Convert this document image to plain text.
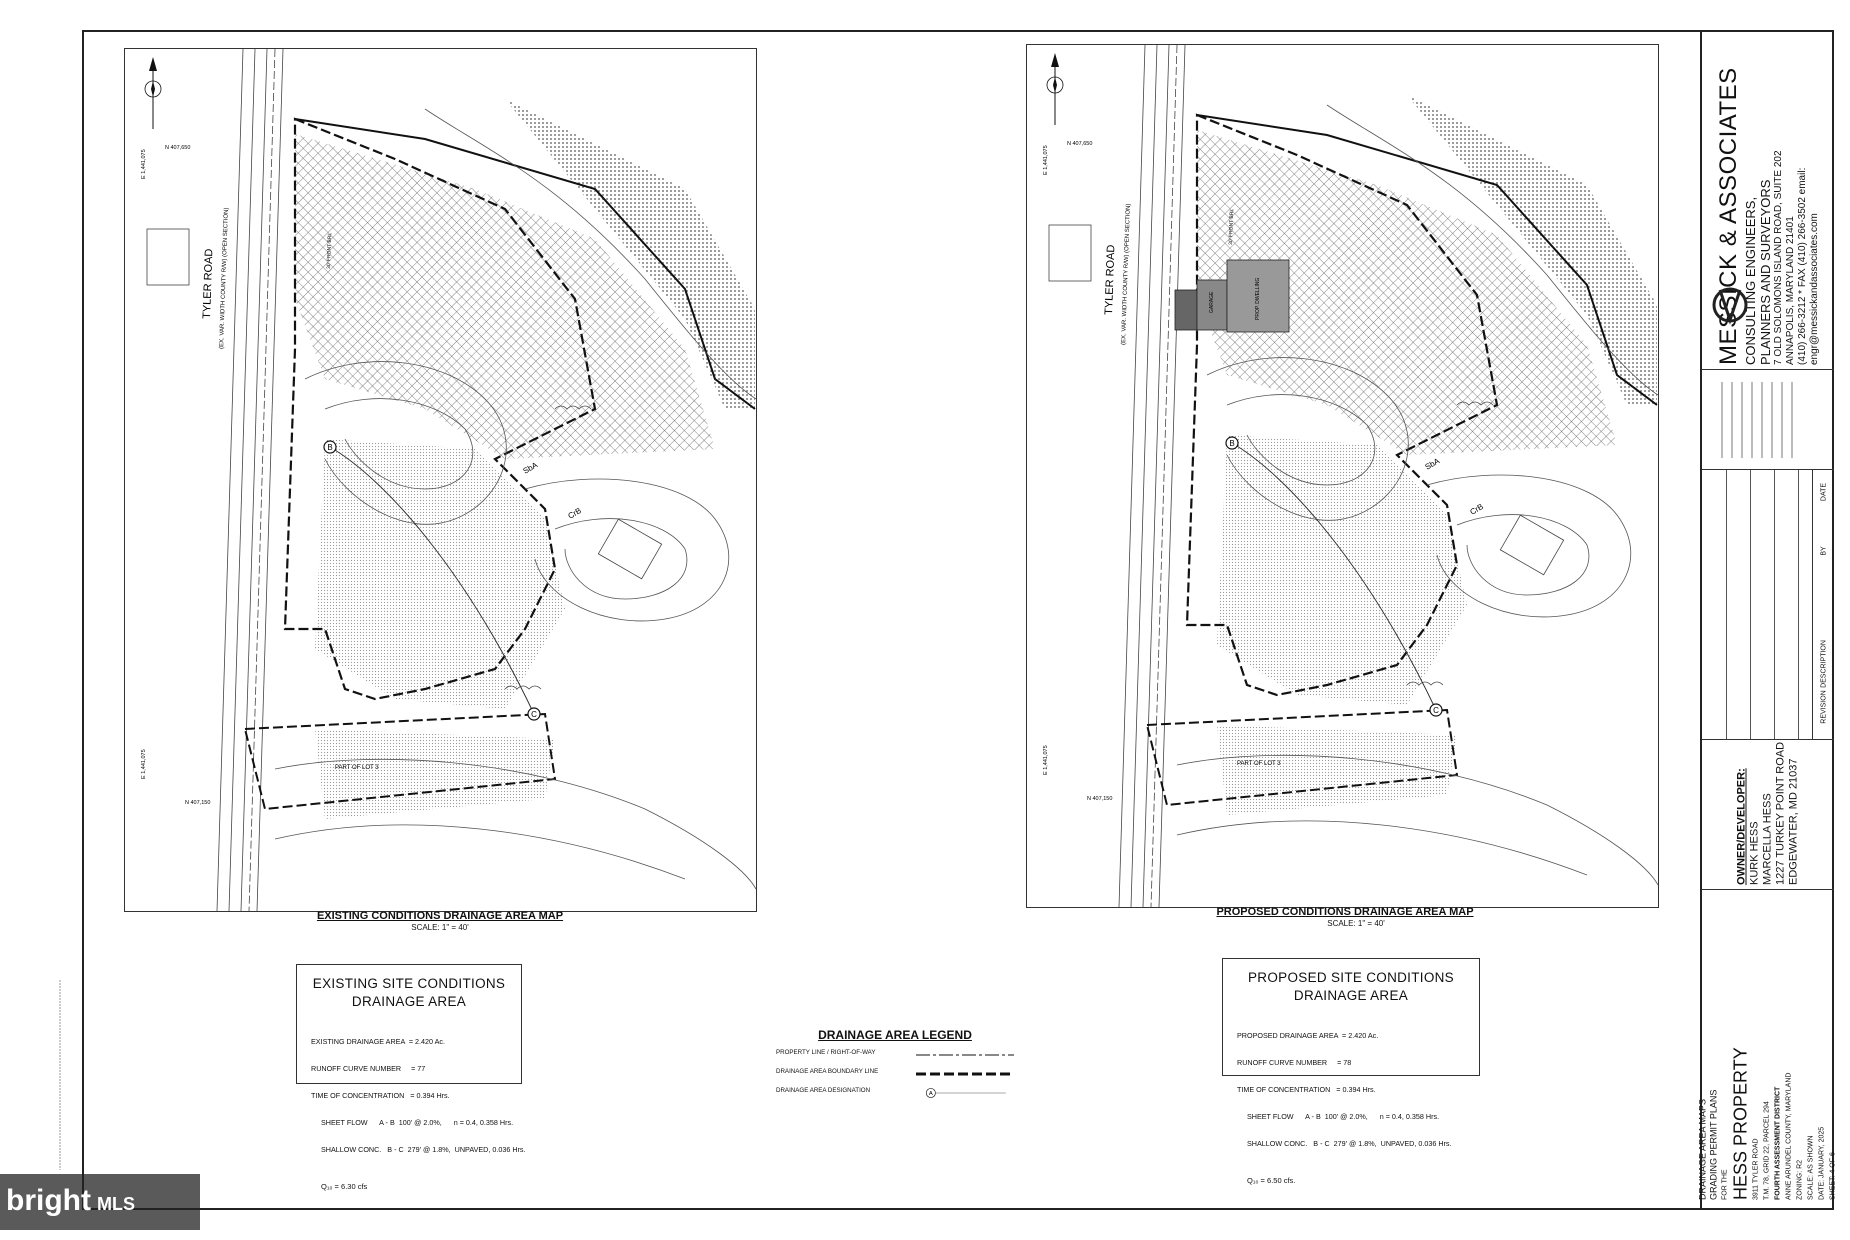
B
C
TYLER ROAD (EX. VAR. WIDTH COUNTY R/W) (OPEN SECTION)
SbA
CrB
PART OF LOT 3
30' FRONT BRL
N 407,650
E 1,441,075
N 407,150
E 1,441,075
EXISTING CONDITIONS DRAINAGE AREA MAP
SCALE: 1" = 40'
GARAGE	PROP. DWELLING
B
C
TYLER ROAD (EX. VAR. WIDTH COUNTY R/W) (OPEN SECTION)
SbA
CrB
PART OF LOT 3
30' FRONT BRL
N 407,650
E 1,441,075
N 407,150
E 1,441,075
PROPOSED CONDITIONS DRAINAGE AREA MAP
SCALE: 1" = 40'
EXISTING SITE CONDITIONS
DRAINAGE AREA

EXISTING DRAINAGE AREA  = 2.420 Ac.

RUNOFF CURVE NUMBER     = 77

TIME OF CONCENTRATION   = 0.394 Hrs.

SHEET FLOW      A - B  100' @ 2.0%,      n = 0.4, 0.358 Hrs.

SHALLOW CONC.   B - C  279' @ 1.8%,  UNPAVED, 0.036 Hrs.

Q₁₀ = 6.30 cfs
DRAINAGE AREA LEGEND
PROPERTY LINE / RIGHT-OF-WAY
DRAINAGE AREA BOUNDARY LINE
DRAINAGE AREA DESIGNATION
A
PROPOSED SITE CONDITIONS
DRAINAGE AREA

PROPOSED DRAINAGE AREA  = 2.420 Ac.

RUNOFF CURVE NUMBER     = 78

TIME OF CONCENTRATION   = 0.394 Hrs.

SHEET FLOW      A - B  100' @ 2.0%,      n = 0.4, 0.358 Hrs.

SHALLOW CONC.   B - C  279' @ 1.8%,  UNPAVED, 0.036 Hrs.

Q₁₀ = 6.50 cfs.
MESSICK & ASSOCIATES CONSULTING ENGINEERS, PLANNERS AND SURVEYORS 7 OLD SOLOMONS ISLAND ROAD, SUITE 202 ANNAPOLIS, MARYLAND 21401 (410) 266-3212 * FAX (410) 266-3502 email: engr@messickandassociates.com
REVISION
DESCRIPTION
BY
DATE
OWNER/DEVELOPER: KURK HESS MARCELLA HESS 1227 TURKEY POINT ROAD EDGEWATER, MD 21037
DRAINAGE AREA MAPS GRADING PERMIT PLANS FOR THE HESS PROPERTY 3911 TYLER ROAD T.M. 78, GRID 22, PARCEL 294 FOURTH ASSESSMENT DISTRICT ANNE ARUNDEL COUNTY, MARYLAND ZONING: R2 SCALE: AS SHOWN DATE: JANUARY, 2025 SHEET: 4 OF 6
bright MLS
